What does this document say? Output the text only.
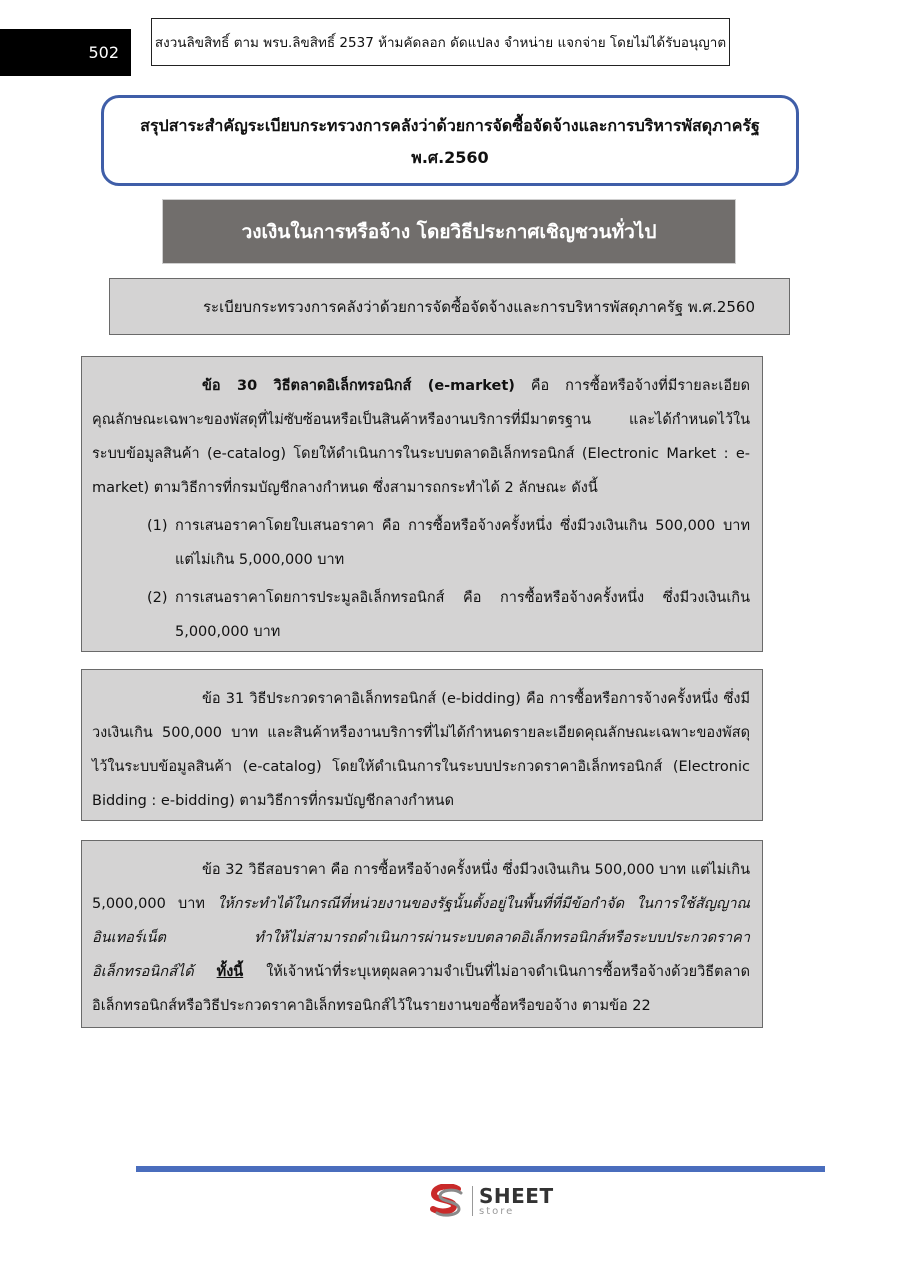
502	สงวนลิขสิทธิ์ ตาม พรบ.ลิขสิทธิ์ 2537 ห้ามคัดลอก ดัดแปลง จำหน่าย แจกจ่าย โดยไม่ได้รับอนุญาต
สรุปสาระสำคัญระเบียบกระทรวงการคลังว่าด้วยการจัดซื้อจัดจ้างและการบริหารพัสดุภาครัฐ
พ.ศ.2560
วงเงินในการหรือจ้าง โดยวิธีประกาศเชิญชวนทั่วไป
ระเบียบกระทรวงการคลังว่าด้วยการจัดซื้อจัดจ้างและการบริหารพัสดุภาครัฐ พ.ศ.2560

ข้อ 30 วิธีตลาดอิเล็กทรอนิกส์ (e-market) คือ การซื้อหรือจ้างที่มีรายละเอียดคุณลักษณะเฉพาะของพัสดุที่ไม่ซับซ้อนหรือเป็นสินค้าหรืองานบริการที่มีมาตรฐาน และได้กำหนดไว้ในระบบข้อมูลสินค้า (e-catalog) โดยให้ดำเนินการในระบบตลาดอิเล็กทรอนิกส์ (Electronic Market : e-market) ตามวิธีการที่กรมบัญชีกลางกำหนด ซึ่งสามารถกระทำได้ 2 ลักษณะ ดังนี้

(1) การเสนอราคาโดยใบเสนอราคา คือ การซื้อหรือจ้างครั้งหนึ่ง ซึ่งมีวงเงินเกิน 500,000 บาท แต่ไม่เกิน 5,000,000 บาท
(2) การเสนอราคาโดยการประมูลอิเล็กทรอนิกส์ คือ การซื้อหรือจ้างครั้งหนึ่ง ซึ่งมีวงเงินเกิน 5,000,000 บาท

ข้อ 31 วิธีประกวดราคาอิเล็กทรอนิกส์ (e-bidding) คือ การซื้อหรือการจ้างครั้งหนึ่ง ซึ่งมีวงเงินเกิน 500,000 บาท และสินค้าหรืองานบริการที่ไม่ได้กำหนดรายละเอียดคุณลักษณะเฉพาะของพัสดุไว้ในระบบข้อมูลสินค้า (e-catalog) โดยให้ดำเนินการในระบบประกวดราคาอิเล็กทรอนิกส์ (Electronic Bidding : e-bidding) ตามวิธีการที่กรมบัญชีกลางกำหนด

ข้อ 32 วิธีสอบราคา คือ การซื้อหรือจ้างครั้งหนึ่ง ซึ่งมีวงเงินเกิน 500,000 บาท แต่ไม่เกิน 5,000,000 บาท ให้กระทำได้ในกรณีที่หน่วยงานของรัฐนั้นตั้งอยู่ในพื้นที่ที่มีข้อกำจัด ในการใช้สัญญาณอินเทอร์เน็ต ทำให้ไม่สามารถดำเนินการผ่านระบบตลาดอิเล็กทรอนิกส์หรือระบบประกวดราคาอิเล็กทรอนิกส์ได้ ทั้งนี้ ให้เจ้าหน้าที่ระบุเหตุผลความจำเป็นที่ไม่อาจดำเนินการซื้อหรือจ้างด้วยวิธีตลาดอิเล็กทรอนิกส์หรือวิธีประกวดราคาอิเล็กทรอนิกส์ไว้ในรายงานขอซื้อหรือขอจ้าง ตามข้อ 22

SHEET
store
